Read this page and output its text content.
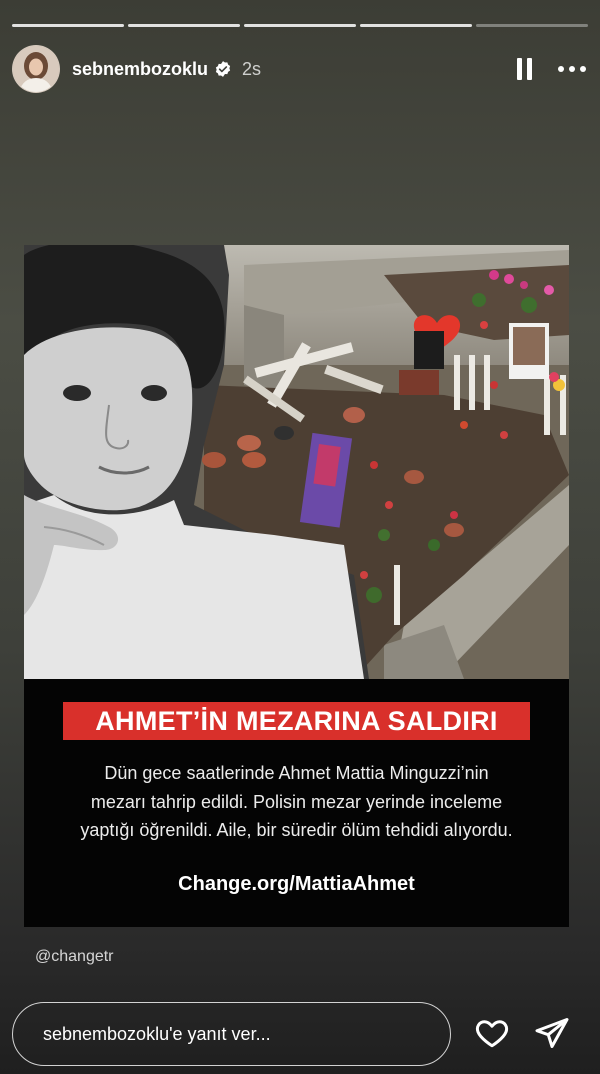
sebnembozoklu 2s
AHMET’İN MEZARINA SALDIRI
Dün gece saatlerinde Ahmet Mattia Minguzzi’nin
mezarı tahrip edildi. Polisin mezar yerinde inceleme
yaptığı öğrenildi. Aile, bir süredir ölüm tehdidi alıyordu.
Change.org/MattiaAhmet
@changetr
sebnembozoklu'e yanıt ver...
